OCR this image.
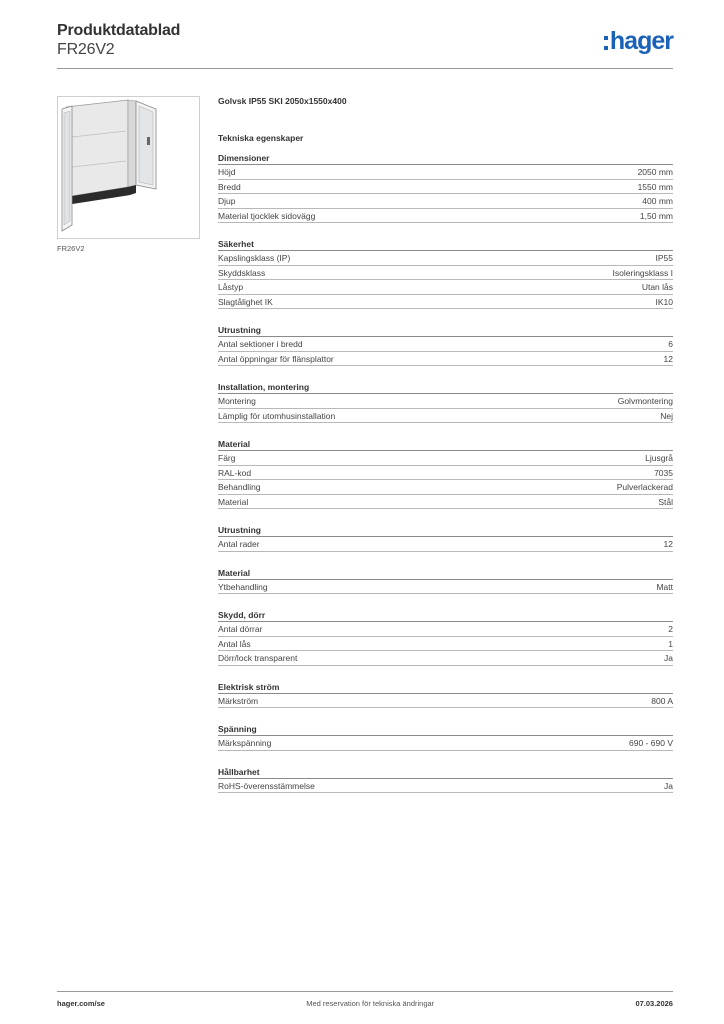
Produktdatablad
FR26V2	hager
FR26V2
Golvsk IP55 SKI 2050x1550x400
Tekniska egenskaper
Dimensioner
Höjd	2050 mm
Bredd	1550 mm
Djup	400 mm
Material tjocklek sidovägg	1,50 mm
Säkerhet
Kapslingsklass (IP)	IP55
Skyddsklass	Isoleringsklass I
Låstyp	Utan lås
Slagtålighet IK	IK10
Utrustning
Antal sektioner i bredd	6
Antal öppningar för flänsplattor	12
Installation, montering
Montering	Golvmontering
Lämplig för utomhusinstallation	Nej
Material
Färg	Ljusgrå
RAL-kod	7035
Behandling	Pulverlackerad
Material	Stål
Utrustning
Antal rader	12
Material
Ytbehandling	Matt
Skydd, dörr
Antal dörrar	2
Antal lås	1
Dörr/lock transparent	Ja
Elektrisk ström
Märkström	800 A
Spänning
Märkspänning	690 - 690 V
Hållbarhet
RoHS-överensstämmelse	Ja
hager.com/se	Med reservation för tekniska ändringar	07.03.2026
